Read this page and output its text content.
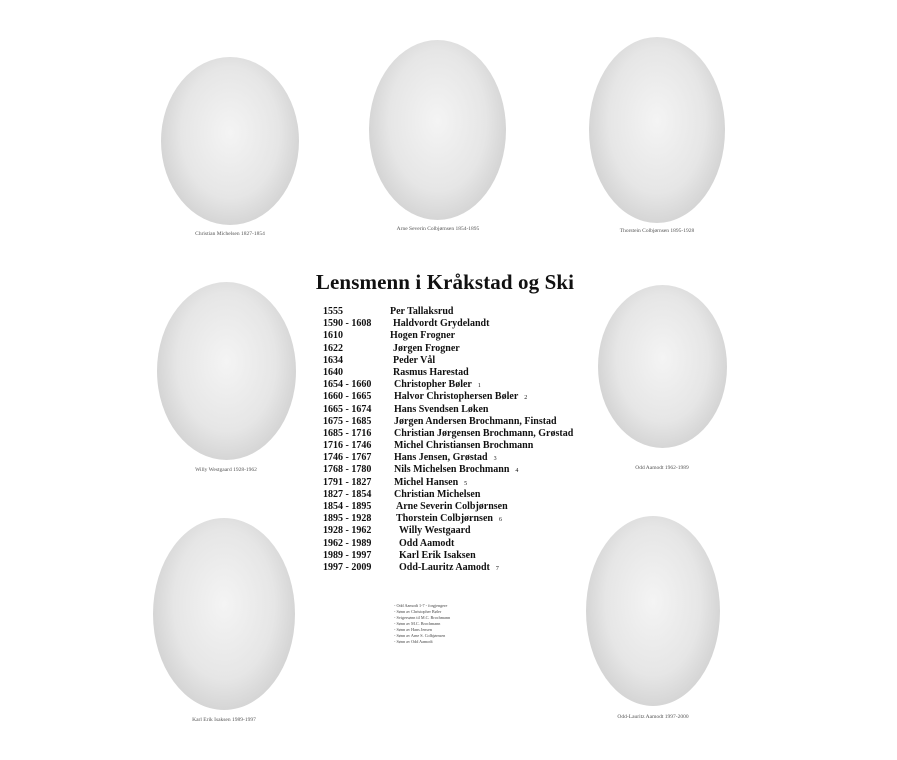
Christian Michelsen 1827-1854
Arne Severin Colbjørnsen 1854-1895	Thorstein Colbjørnsen 1895-1928
Willy Westgaard 1928-1962	Odd Aamodt 1962-1989
Karl Erik Isaksen 1989-1997	Odd-Lauritz Aamodt 1997-2000
Lensmenn i Kråkstad og Ski
1555	Per Tallaksrud
1590 - 1608 Haldvordt Grydelandt
1610	Hogen Frogner
1622	Jørgen Frogner
1634	Peder Vål
1640	Rasmus Harestad
1654 - 1660 Christopher Bøler 1
1660 - 1665 Halvor Christophersen Bøler 2
1665 - 1674 Hans Svendsen Løken
1675 - 1685 Jørgen Andersen Brochmann, Finstad
1685 - 1716 Christian Jørgensen Brochmann, Grøstad
1716 - 1746 Michel Christiansen Brochmann
1746 - 1767 Hans Jensen, Grøstad 3
1768 - 1780 Nils Michelsen Brochmann 4
1791 - 1827 Michel Hansen 5
1827 - 1854 Christian Michelsen
1854 - 1895 Arne Severin Colbjørnsen
1895 - 1928 Thorstein Colbjørnsen 6
1928 - 1962	Willy Westgaard
1962 - 1989	Odd Aamodt
1989 - 1997	Karl Erik Isaksen
1997 - 2009	Odd-Lauritz Aamodt 7
- Odd Aamodt 1-7 - forgjengere
- Sønn av Christopher Bøler
- Svigersønn til M.C. Brochmann
- Sønn av M.C. Brochmann
- Sønn av Hans Jensen
- Sønn av Arne S. Colbjørnsen
- Sønn av Odd Aamodt
